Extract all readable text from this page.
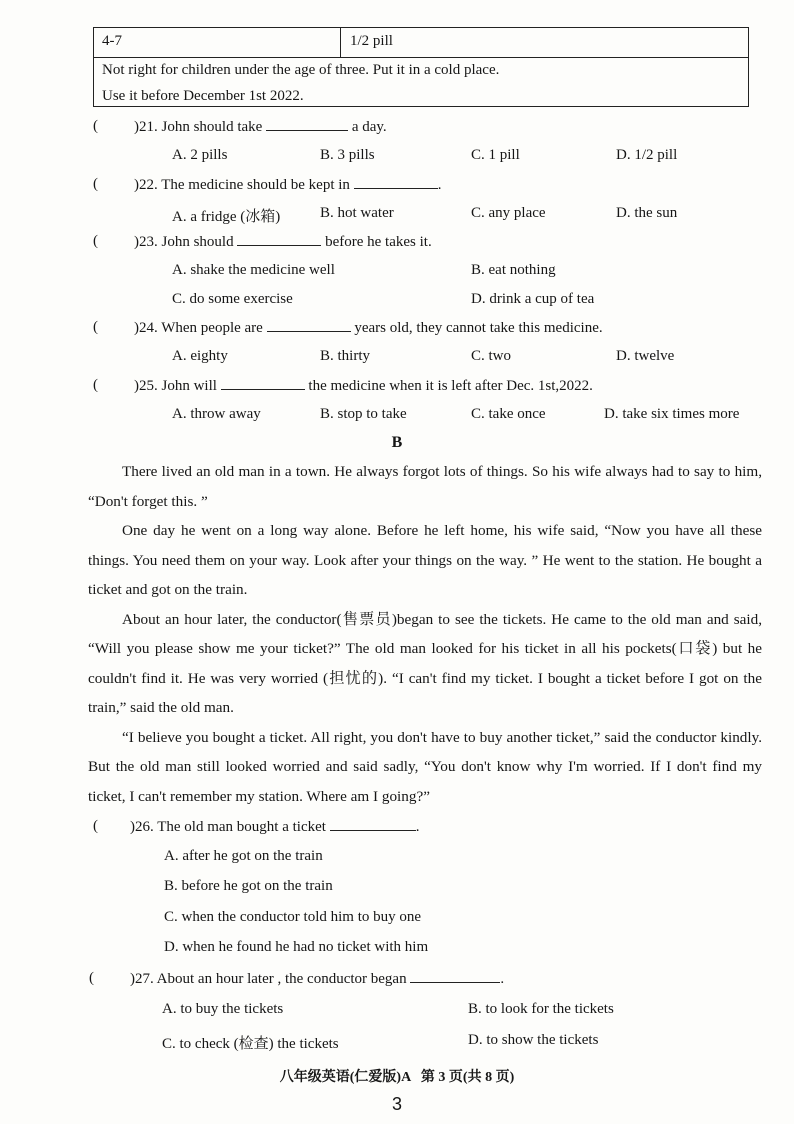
4-7	1/2 pill
Not right for children under the age of three. Put it in a cold place.
Use it before December 1st 2022.
( )21. John should take	a day.
A. 2 pills	B. 3 pills	C. 1 pill	D. 1/2 pill
( )22. The medicine should be kept in	.
A. a fridge (冰箱)	B. hot water	C. any place	D. the sun
( )23. John should	before he takes it.
A. shake the medicine well	B. eat nothing
C. do some exercise	D. drink a cup of tea
( )24. When people are	years old, they cannot take this medicine.
A. eighty	B. thirty	C. two	D. twelve
( )25. John will	the medicine when it is left after Dec. 1st,2022.
A. throw away	B. stop to take	C. take once	D. take six times more
B

There lived an old man in a town. He always forgot lots of things. So his wife always had to say to him, “Don't forget this. ”

One day he went on a long way alone. Before he left home, his wife said, “Now you have all these things. You need them on your way. Look after your things on the way. ” He went to the station. He bought a ticket and got on the train.

About an hour later, the conductor(售票员)began to see the tickets. He came to the old man and said, “Will you please show me your ticket?” The old man looked for his ticket in all his pockets(口袋) but he couldn't find it. He was very worried (担忧的). “I can't find my ticket. I bought a ticket before I got on the train,” said the old man.

“I believe you bought a ticket. All right, you don't have to buy another ticket,” said the conductor kindly. But the old man still looked worried and said sadly, “You don't know why I'm worried. If I don't find my ticket, I can't remember my station. Where am I going?”

( )26. The old man bought a ticket	.
A. after he got on the train
B. before he got on the train
C. when the conductor told him to buy one
D. when he found he had no ticket with him
( )27. About an hour later , the conductor began	.
A. to buy the tickets	B. to look for the tickets
C. to check (检查) the tickets	D. to show the tickets
八年级英语(仁爱版)A   第 3 页(共 8 页)
3
